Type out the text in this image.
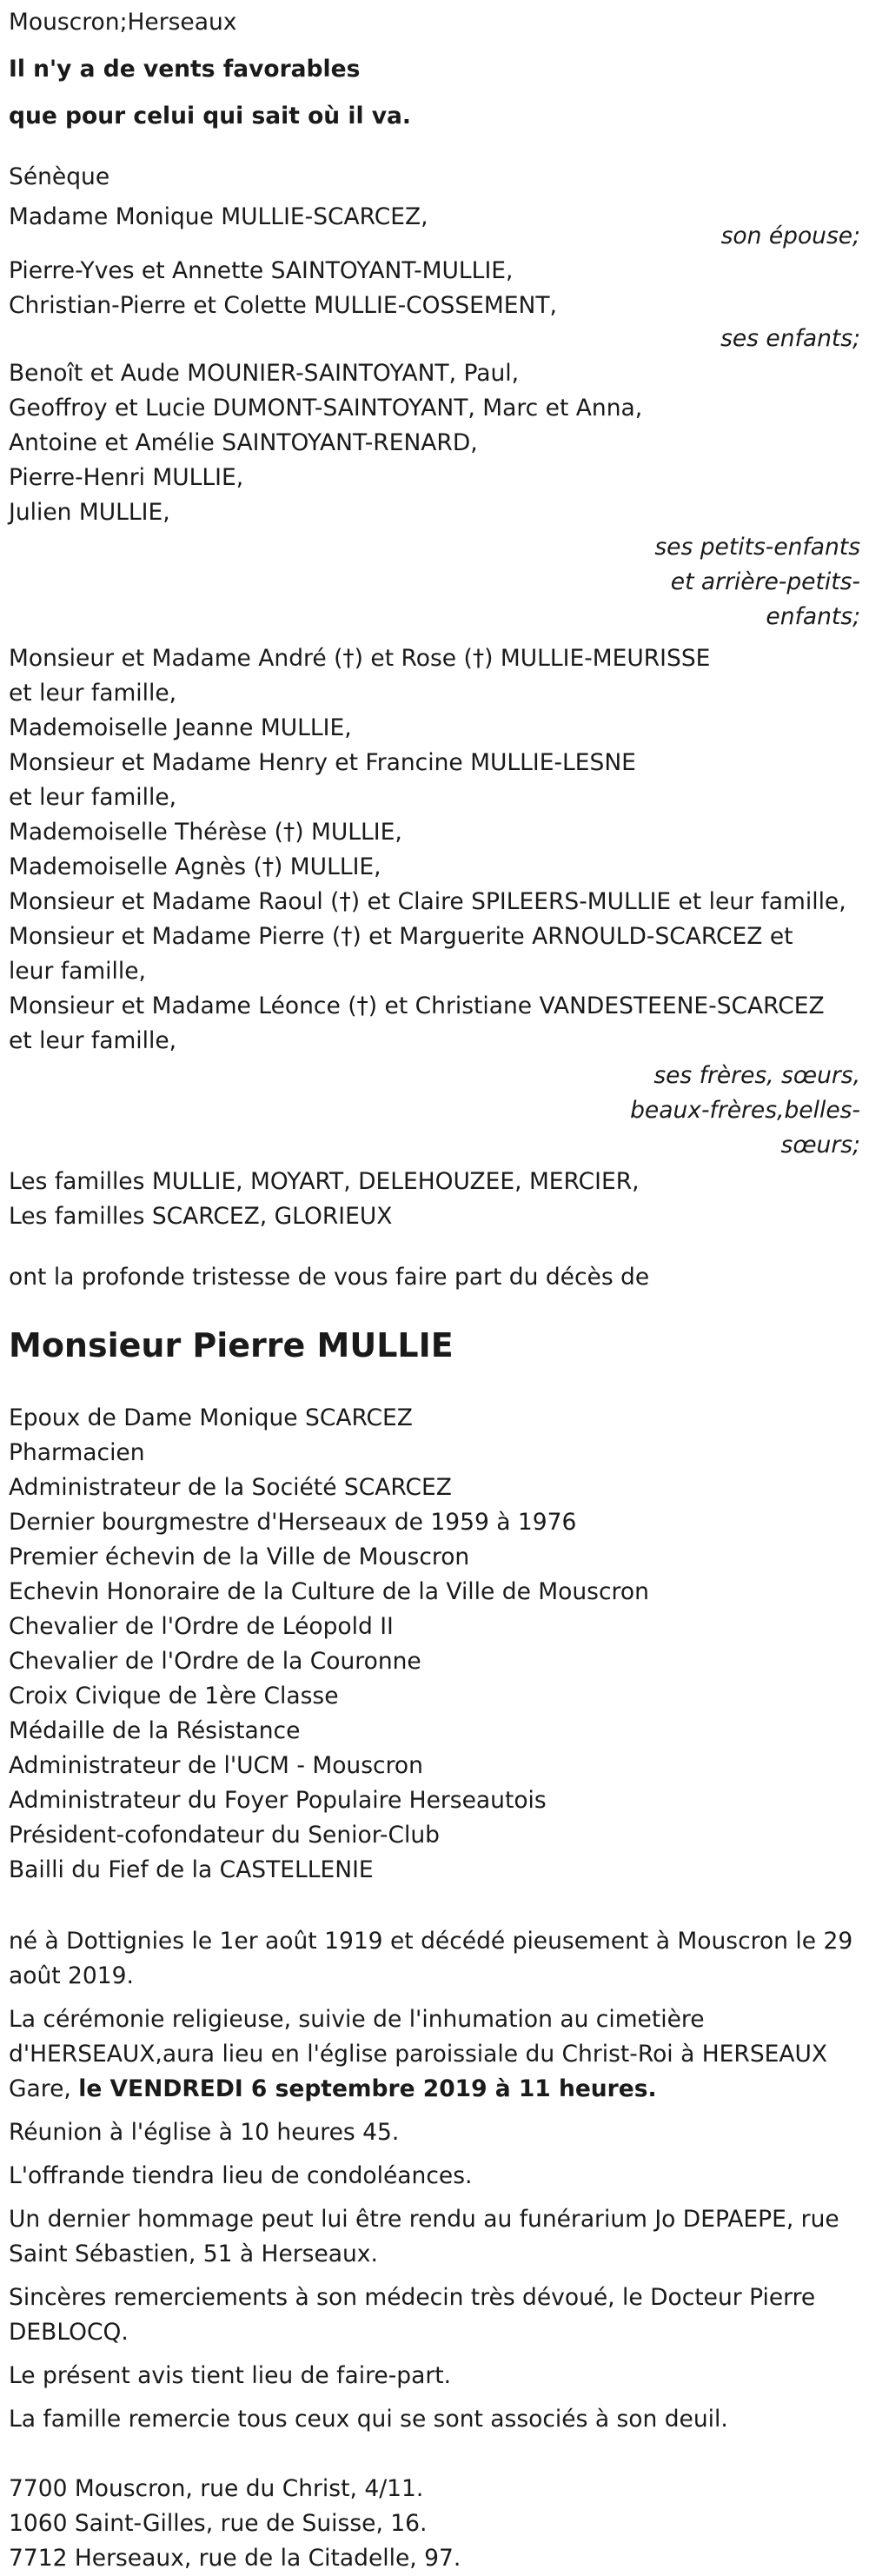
Mouscron;Herseaux
Il n'y a de vents favorables
que pour celui qui sait où il va.
Sénèque
Madame Monique MULLIE-SCARCEZ,
son épouse;
Pierre-Yves et Annette SAINTOYANT-MULLIE,
Christian-Pierre et Colette MULLIE-COSSEMENT,
ses enfants;
Benoît et Aude MOUNIER-SAINTOYANT, Paul,
Geoffroy et Lucie DUMONT-SAINTOYANT, Marc et Anna,
Antoine et Amélie SAINTOYANT-RENARD,
Pierre-Henri MULLIE,
Julien MULLIE,
ses petits-enfants
et arrière-petits-
enfants;
Monsieur et Madame André (†) et Rose (†) MULLIE-MEURISSE
et leur famille,
Mademoiselle Jeanne MULLIE,
Monsieur et Madame Henry et Francine MULLIE-LESNE
et leur famille,
Mademoiselle Thérèse (†) MULLIE,
Mademoiselle Agnès (†) MULLIE,
Monsieur et Madame Raoul (†) et Claire SPILEERS-MULLIE et leur famille,
Monsieur et Madame Pierre (†) et Marguerite ARNOULD-SCARCEZ et
leur famille,
Monsieur et Madame Léonce (†) et Christiane VANDESTEENE-SCARCEZ
et leur famille,
ses frères, sœurs,
beaux-frères,belles-
sœurs;
Les familles MULLIE, MOYART, DELEHOUZEE, MERCIER,
Les familles SCARCEZ, GLORIEUX
ont la profonde tristesse de vous faire part du décès de
Monsieur Pierre MULLIE
Epoux de Dame Monique SCARCEZ
Pharmacien
Administrateur de la Société SCARCEZ
Dernier bourgmestre d'Herseaux de 1959 à 1976
Premier échevin de la Ville de Mouscron
Echevin Honoraire de la Culture de la Ville de Mouscron
Chevalier de l'Ordre de Léopold II
Chevalier de l'Ordre de la Couronne
Croix Civique de 1ère Classe
Médaille de la Résistance
Administrateur de l'UCM - Mouscron
Administrateur du Foyer Populaire Herseautois
Président-cofondateur du Senior-Club
Bailli du Fief de la CASTELLENIE

né à Dottignies le 1er août 1919 et décédé pieusement à Mouscron le 29 août 2019.

La cérémonie religieuse, suivie de l'inhumation au cimetière d'HERSEAUX,aura lieu en l'église paroissiale du Christ-Roi à HERSEAUX Gare, le VENDREDI 6 septembre 2019 à 11 heures.

Réunion à l'église à 10 heures 45.

L'offrande tiendra lieu de condoléances.

Un dernier hommage peut lui être rendu au funérarium Jo DEPAEPE, rue Saint Sébastien, 51 à Herseaux.

Sincères remerciements à son médecin très dévoué, le Docteur Pierre DEBLOCQ.

Le présent avis tient lieu de faire-part.

La famille remercie tous ceux qui se sont associés à son deuil.

7700 Mouscron, rue du Christ, 4/11.
1060 Saint-Gilles, rue de Suisse, 16.
7712 Herseaux, rue de la Citadelle, 97.
